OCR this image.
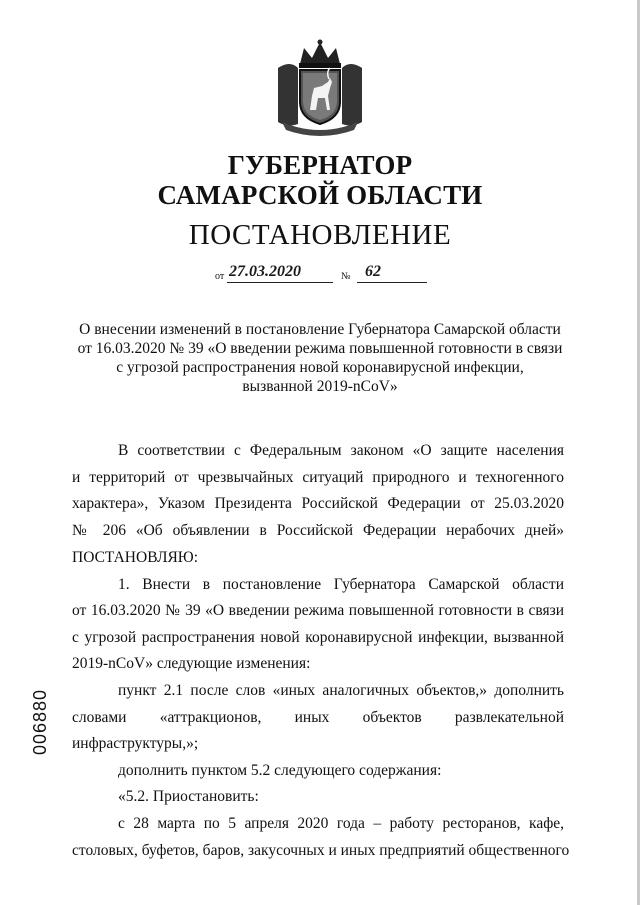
ГУБЕРНАТОР
САМАРСКОЙ ОБЛАСТИ
ПОСТАНОВЛЕНИЕ
от 27.03.2020	№ 62
О внесении изменений в постановление Губернатора Самарской области
от 16.03.2020 № 39 «О введении режима повышенной готовности в связи
с угрозой распространения новой коронавирусной инфекции,
вызванной 2019-nCoV»
В соответствии с Федеральным законом «О защите населения
и территорий от чрезвычайных ситуаций природного и техногенного
характера», Указом Президента Российской Федерации от 25.03.2020
№ 206 «Об объявлении в Российской Федерации нерабочих дней»
ПОСТАНОВЛЯЮ:
1. Внести в постановление Губернатора Самарской области
от 16.03.2020 № 39 «О введении режима повышенной готовности в связи
с угрозой распространения новой коронавирусной инфекции, вызванной
2019-nCoV» следующие изменения:
пункт 2.1 после слов «иных аналогичных объектов,» дополнить
словами «аттракционов, иных объектов развлекательной
инфраструктуры,»;
дополнить пунктом 5.2 следующего содержания:
«5.2. Приостановить:
с 28 марта по 5 апреля 2020 года – работу ресторанов, кафе,
столовых, буфетов, баров, закусочных и иных предприятий общественного
006880
